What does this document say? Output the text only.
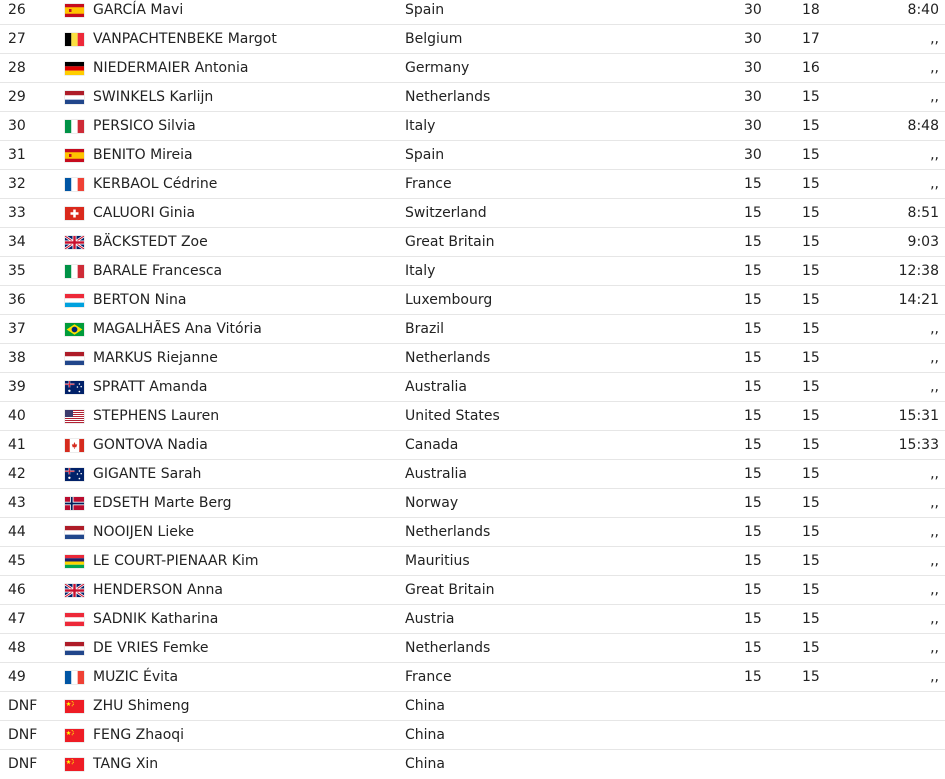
26	GARCÍA Mavi	Spain	30	18	8:40
27	VANPACHTENBEKE Margot	Belgium	30	17	,,
28	NIEDERMAIER Antonia	Germany	30	16	,,
29	SWINKELS Karlijn	Netherlands	30	15	,,
30	PERSICO Silvia	Italy	30	15	8:48
31	BENITO Mireia	Spain	30	15	,,
32	KERBAOL Cédrine	France	15	15	,,
33	CALUORI Ginia	Switzerland	15	15	8:51
34	BÄCKSTEDT Zoe	Great Britain	15	15	9:03
35	BARALE Francesca	Italy	15	15	12:38
36	BERTON Nina	Luxembourg	15	15	14:21
37	MAGALHÃES Ana Vitória	Brazil	15	15	,,
38	MARKUS Riejanne	Netherlands	15	15	,,
39	SPRATT Amanda	Australia	15	15	,,
40	STEPHENS Lauren	United States	15	15	15:31
41	GONTOVA Nadia	Canada	15	15	15:33
42	GIGANTE Sarah	Australia	15	15	,,
43	EDSETH Marte Berg	Norway	15	15	,,
44	NOOIJEN Lieke	Netherlands	15	15	,,
45	LE COURT-PIENAAR Kim	Mauritius	15	15	,,
46	HENDERSON Anna	Great Britain	15	15	,,
47	SADNIK Katharina	Austria	15	15	,,
48	DE VRIES Femke	Netherlands	15	15	,,
49	MUZIC Évita	France	15	15	,,
DNF	ZHU Shimeng	China
DNF	FENG Zhaoqi	China
DNF	TANG Xin	China
